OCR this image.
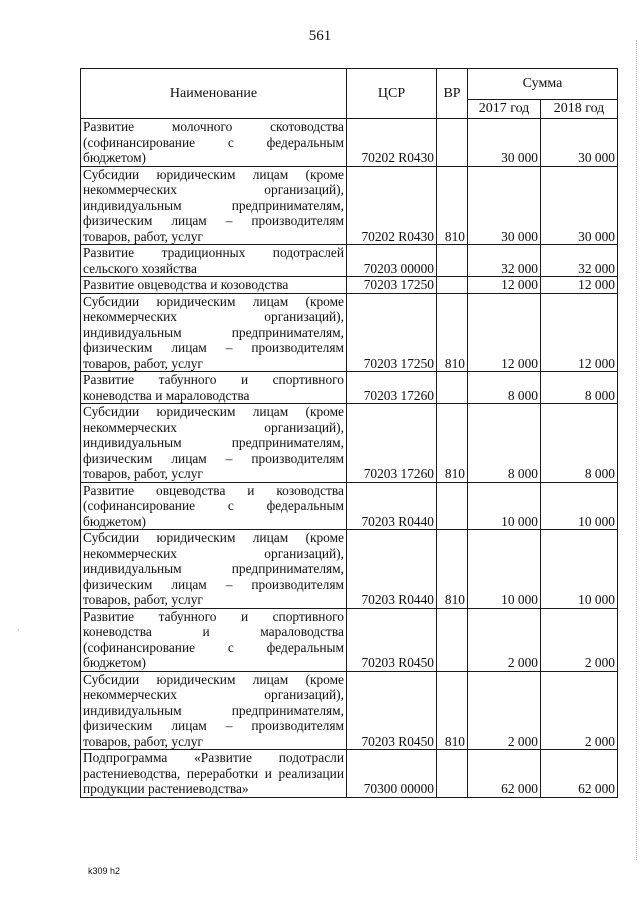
561
Наименование	ЦСР	ВР	Сумма	
			2017 год	2018 год
Развитие молочного скотоводства (софинансирование с федеральным бюджетом)	70202 R0430		30 000	30 000
Субсидии юридическим лицам (кроме некоммерческих организаций), индивидуальным предпринимателям, физическим лицам – производителям товаров, работ, услуг	70202 R0430	810	30 000	30 000
Развитие традиционных подотраслей сельского хозяйства	70203 00000		32 000	32 000
Развитие овцеводства и козоводства	70203 17250		12 000	12 000
Субсидии юридическим лицам (кроме некоммерческих организаций), индивидуальным предпринимателям, физическим лицам – производителям товаров, работ, услуг	70203 17250	810	12 000	12 000
Развитие табунного и спортивного коневодства и мараловодства	70203 17260		8 000	8 000
Субсидии юридическим лицам (кроме некоммерческих организаций), индивидуальным предпринимателям, физическим лицам – производителям товаров, работ, услуг	70203 17260	810	8 000	8 000
Развитие овцеводства и козоводства (софинансирование с федеральным бюджетом)	70203 R0440		10 000	10 000
Субсидии юридическим лицам (кроме некоммерческих организаций), индивидуальным предпринимателям, физическим лицам – производителям товаров, работ, услуг	70203 R0440	810	10 000	10 000
Развитие табунного и спортивного коневодства и мараловодства (софинансирование с федеральным бюджетом)	70203 R0450		2 000	2 000
Субсидии юридическим лицам (кроме некоммерческих организаций), индивидуальным предпринимателям, физическим лицам – производителям товаров, работ, услуг	70203 R0450	810	2 000	2 000
Подпрограмма «Развитие подотрасли растениеводства, переработки и реализации продукции растениеводства»	70300 00000		62 000	62 000
k309 h2
·
